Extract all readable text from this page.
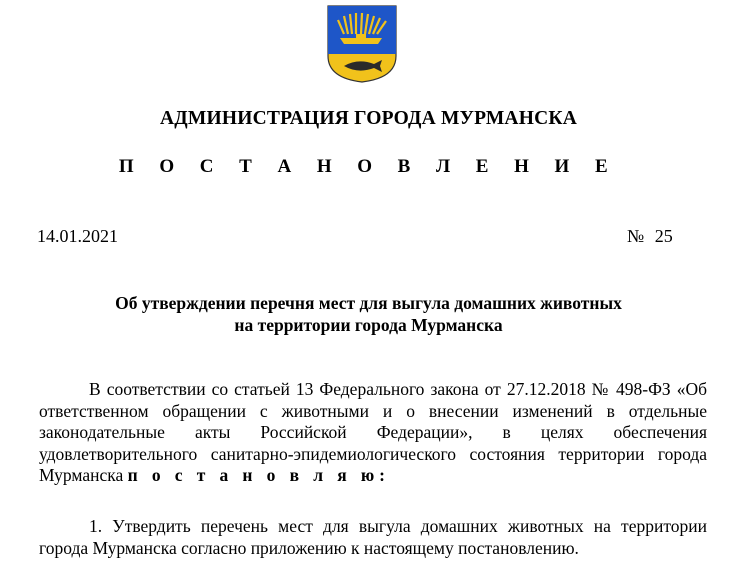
АДМИНИСТРАЦИЯ ГОРОДА МУРМАНСКА
П О С Т А Н О В Л Е Н И Е
14.01.2021	№ 25
Об утверждении перечня мест для выгула домашних животных
на территории города Мурманска
В соответствии со статьей 13 Федерального закона от 27.12.2018 № 498-ФЗ «Об ответственном обращении с животными и о внесении изменений в отдельные законодательные акты Российской Федерации», в целях обеспечения удовлетворительного санитарно-эпидемиологического состояния территории города Мурманска п о с т а н о в л я ю:
1. Утвердить перечень мест для выгула домашних животных на территории города Мурманска согласно приложению к настоящему постановлению.
